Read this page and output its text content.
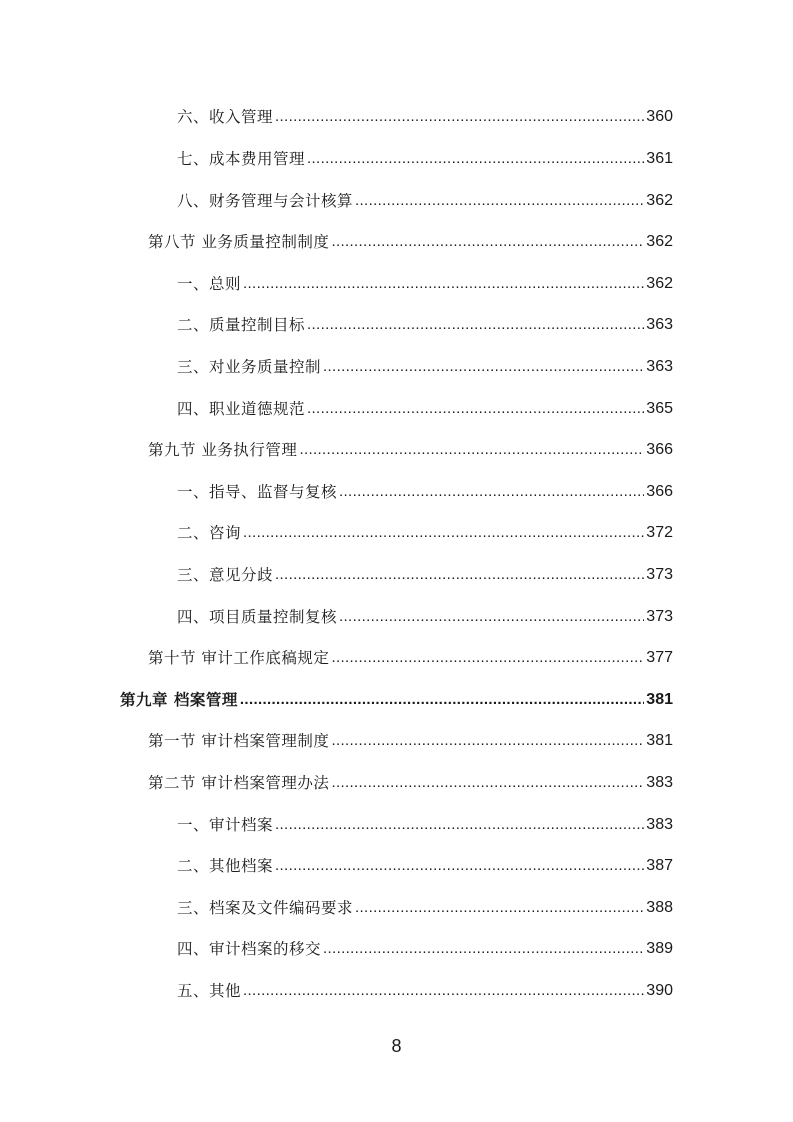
六、收入管理 .....	360
七、成本费用管理 .....	361
八、财务管理与会计核算 .....	362
第八节 业务质量控制制度 .....	362
一、总则 .....	362
二、质量控制目标 .....	363
三、对业务质量控制 .....	363
四、职业道德规范 .....	365
第九节 业务执行管理 .....	366
一、指导、监督与复核 .....	366
二、咨询 .....	372
三、意见分歧 .....	373
四、项目质量控制复核 .....	373
第十节 审计工作底稿规定 .....	377
第九章 档案管理 .....	381
第一节 审计档案管理制度 .....	381
第二节 审计档案管理办法 .....	383
一、审计档案 .....	383
二、其他档案 .....	387
三、档案及文件编码要求 .....	388
四、审计档案的移交 .....	389
五、其他 .....	390
8
